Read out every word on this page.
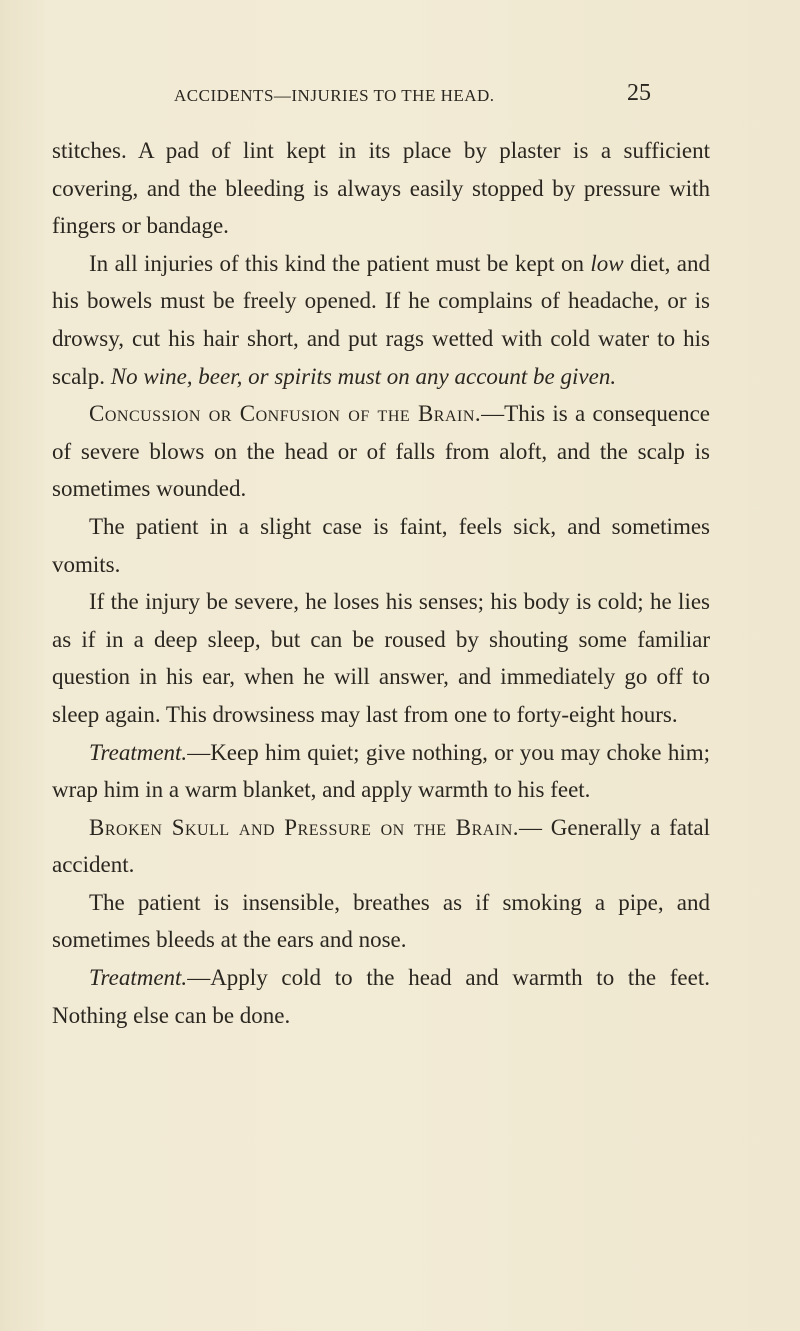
ACCIDENTS—INJURIES TO THE HEAD.	25

stitches. A pad of lint kept in its place by plaster is a sufficient covering, and the bleeding is always easily stopped by pressure with fingers or bandage.

In all injuries of this kind the patient must be kept on low diet, and his bowels must be freely opened. If he complains of headache, or is drowsy, cut his hair short, and put rags wetted with cold water to his scalp. No wine, beer, or spirits must on any account be given.

Concussion or Confusion of the Brain.—This is a consequence of severe blows on the head or of falls from aloft, and the scalp is sometimes wounded.

The patient in a slight case is faint, feels sick, and sometimes vomits.

If the injury be severe, he loses his senses; his body is cold; he lies as if in a deep sleep, but can be roused by shouting some familiar question in his ear, when he will answer, and immediately go off to sleep again. This drowsiness may last from one to forty-eight hours.

Treatment.—Keep him quiet; give nothing, or you may choke him; wrap him in a warm blanket, and apply warmth to his feet.

Broken Skull and Pressure on the Brain.— Generally a fatal accident.

The patient is insensible, breathes as if smoking a pipe, and sometimes bleeds at the ears and nose.

Treatment.—Apply cold to the head and warmth to the feet. Nothing else can be done.
